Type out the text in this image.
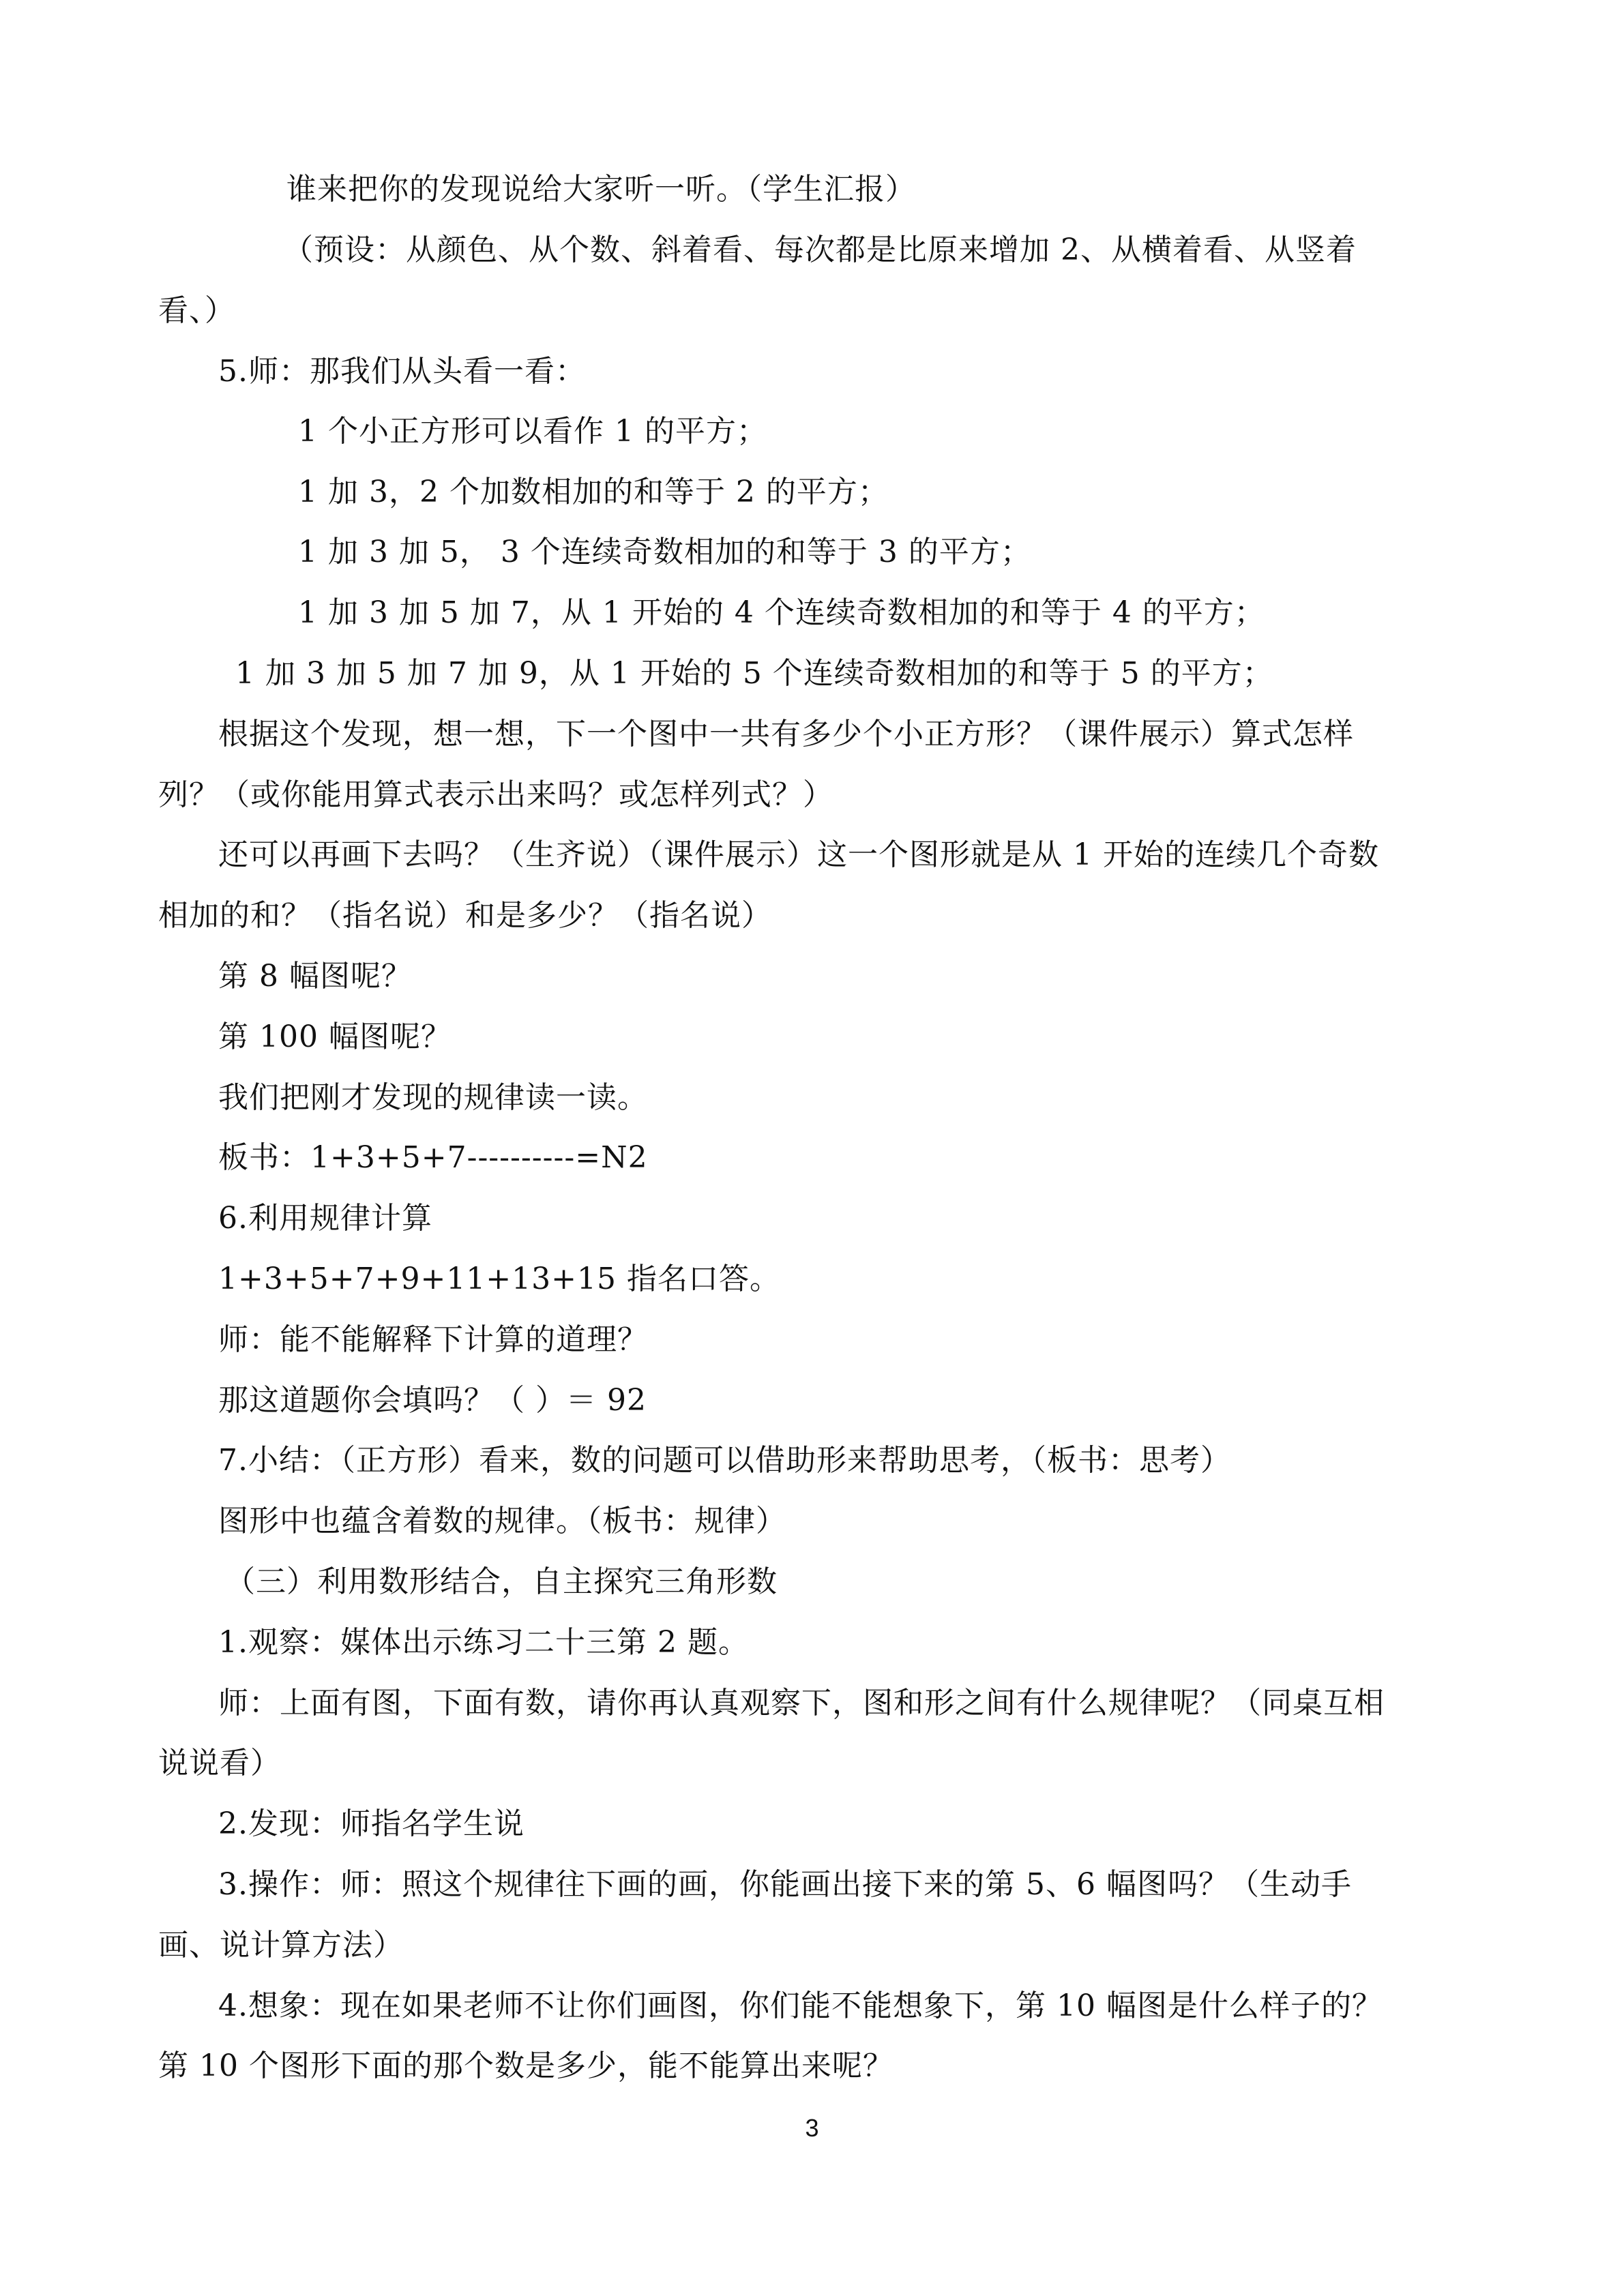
谁来把你的发现说给大家听一听。（学生汇报）
（预设：从颜色、从个数、斜着看、每次都是比原来增加 2、从横着看、从竖着
看、）
5.师：那我们从头看一看：
1 个小正方形可以看作 1 的平方；
1 加 3，2 个加数相加的和等于 2 的平方；
1 加 3 加 5， 3 个连续奇数相加的和等于 3 的平方；
1 加 3 加 5 加 7，从 1 开始的 4 个连续奇数相加的和等于 4 的平方；
1 加 3 加 5 加 7 加 9，从 1 开始的 5 个连续奇数相加的和等于 5 的平方；
根据这个发现，想一想，下一个图中一共有多少个小正方形？（课件展示）算式怎样
列？（或你能用算式表示出来吗？或怎样列式？）
还可以再画下去吗？（生齐说）（课件展示）这一个图形就是从 1 开始的连续几个奇数
相加的和？（指名说）和是多少？（指名说）
第 8 幅图呢？
第 100 幅图呢？
我们把刚才发现的规律读一读。
板书：1+3+5+7----------=N2
6.利用规律计算
1+3+5+7+9+11+13+15 指名口答。
师：能不能解释下计算的道理？
那这道题你会填吗？（ ）＝ 92
7.小结：（正方形）看来，数的问题可以借助形来帮助思考，（板书：思考）
图形中也蕴含着数的规律。（板书：规律）
（三）利用数形结合，自主探究三角形数
1.观察：媒体出示练习二十三第 2 题。
师：上面有图，下面有数，请你再认真观察下，图和形之间有什么规律呢？（同桌互相
说说看）
2.发现：师指名学生说
3.操作：师：照这个规律往下画的画，你能画出接下来的第 5、6 幅图吗？（生动手
画、说计算方法）
4.想象：现在如果老师不让你们画图，你们能不能想象下，第 10 幅图是什么样子的？
第 10 个图形下面的那个数是多少，能不能算出来呢？
3
